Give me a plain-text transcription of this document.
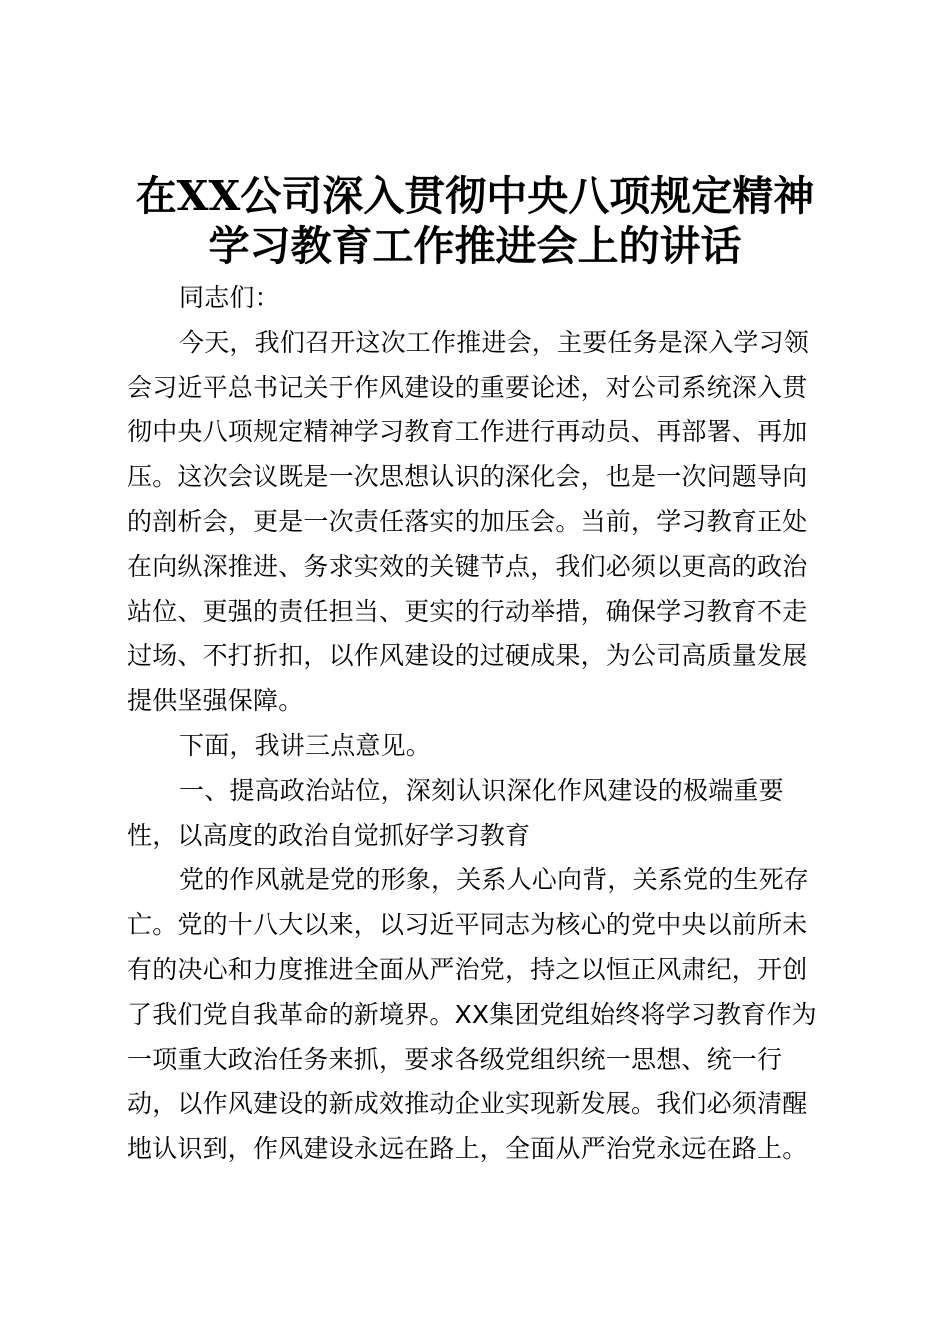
在XX公司深入贯彻中央八项规定精神
学习教育工作推进会上的讲话
同志们：
今天，我们召开这次工作推进会，主要任务是深入学习领
会习近平总书记关于作风建设的重要论述，对公司系统深入贯
彻中央八项规定精神学习教育工作进行再动员、再部署、再加
压。这次会议既是一次思想认识的深化会，也是一次问题导向
的剖析会，更是一次责任落实的加压会。当前，学习教育正处
在向纵深推进、务求实效的关键节点，我们必须以更高的政治
站位、更强的责任担当、更实的行动举措，确保学习教育不走
过场、不打折扣，以作风建设的过硬成果，为公司高质量发展
提供坚强保障。
下面，我讲三点意见。
一、提高政治站位，深刻认识深化作风建设的极端重要
性，以高度的政治自觉抓好学习教育
党的作风就是党的形象，关系人心向背，关系党的生死存
亡。党的十八大以来，以习近平同志为核心的党中央以前所未
有的决心和力度推进全面从严治党，持之以恒正风肃纪，开创
了我们党自我革命的新境界。XX集团党组始终将学习教育作为
一项重大政治任务来抓，要求各级党组织统一思想、统一行
动，以作风建设的新成效推动企业实现新发展。我们必须清醒
地认识到，作风建设永远在路上，全面从严治党永远在路上。
